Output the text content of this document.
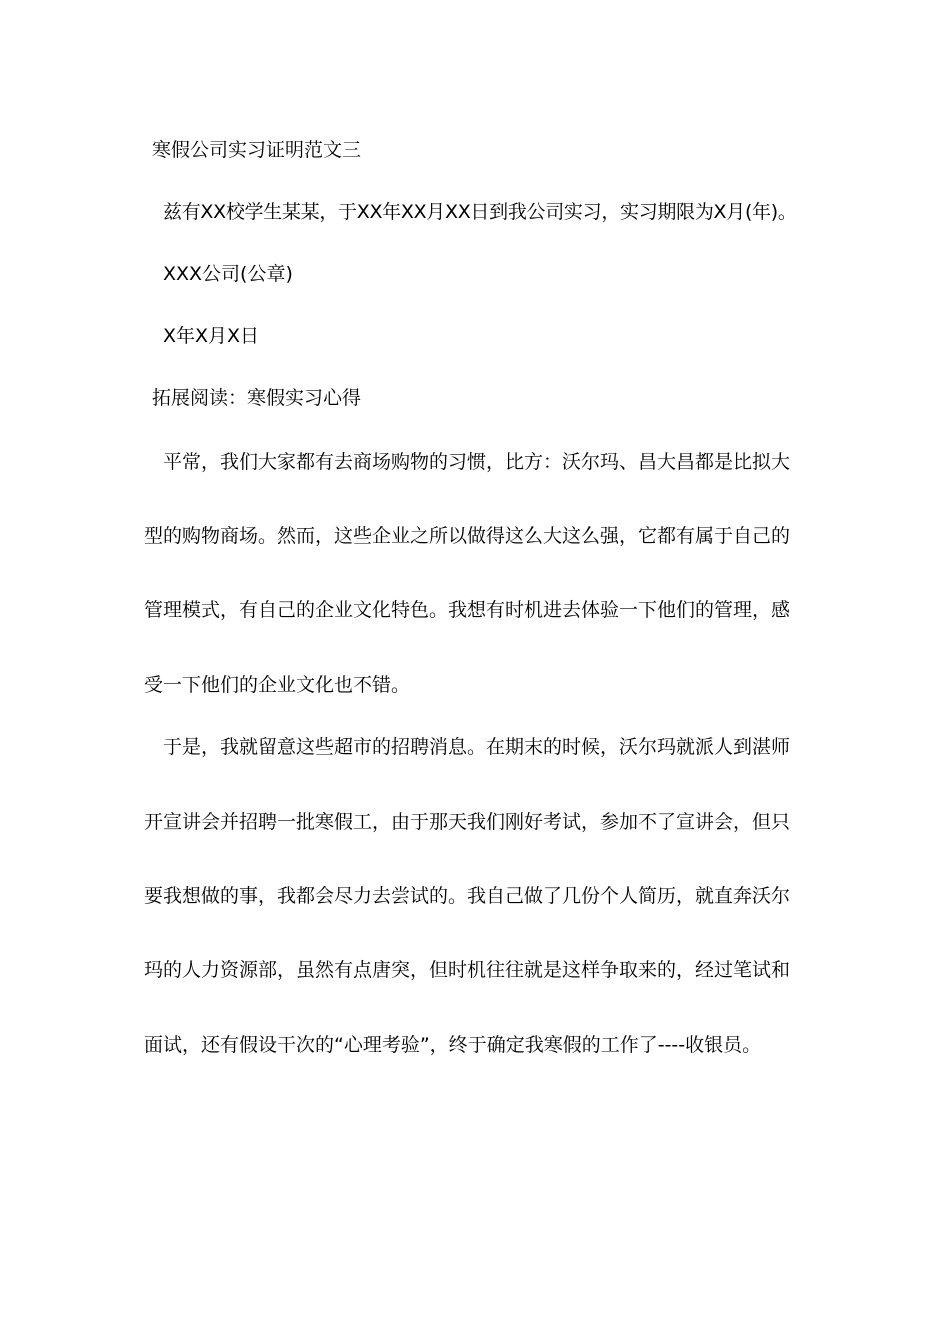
寒假公司实习证明范文三
兹有XX校学生某某，于XX年XX月XX日到我公司实习，实习期限为X月(年)。
XXX公司(公章)
X年X月X日
拓展阅读：寒假实习心得
平常，我们大家都有去商场购物的习惯，比方：沃尔玛、昌大昌都是比拟大
型的购物商场。然而，这些企业之所以做得这么大这么强，它都有属于自己的
管理模式，有自己的企业文化特色。我想有时机进去体验一下他们的管理，感
受一下他们的企业文化也不错。
于是，我就留意这些超市的招聘消息。在期末的时候，沃尔玛就派人到湛师
开宣讲会并招聘一批寒假工，由于那天我们刚好考试，参加不了宣讲会，但只
要我想做的事，我都会尽力去尝试的。我自己做了几份个人简历，就直奔沃尔
玛的人力资源部，虽然有点唐突，但时机往往就是这样争取来的，经过笔试和
面试，还有假设干次的“心理考验”，终于确定我寒假的工作了----收银员。
